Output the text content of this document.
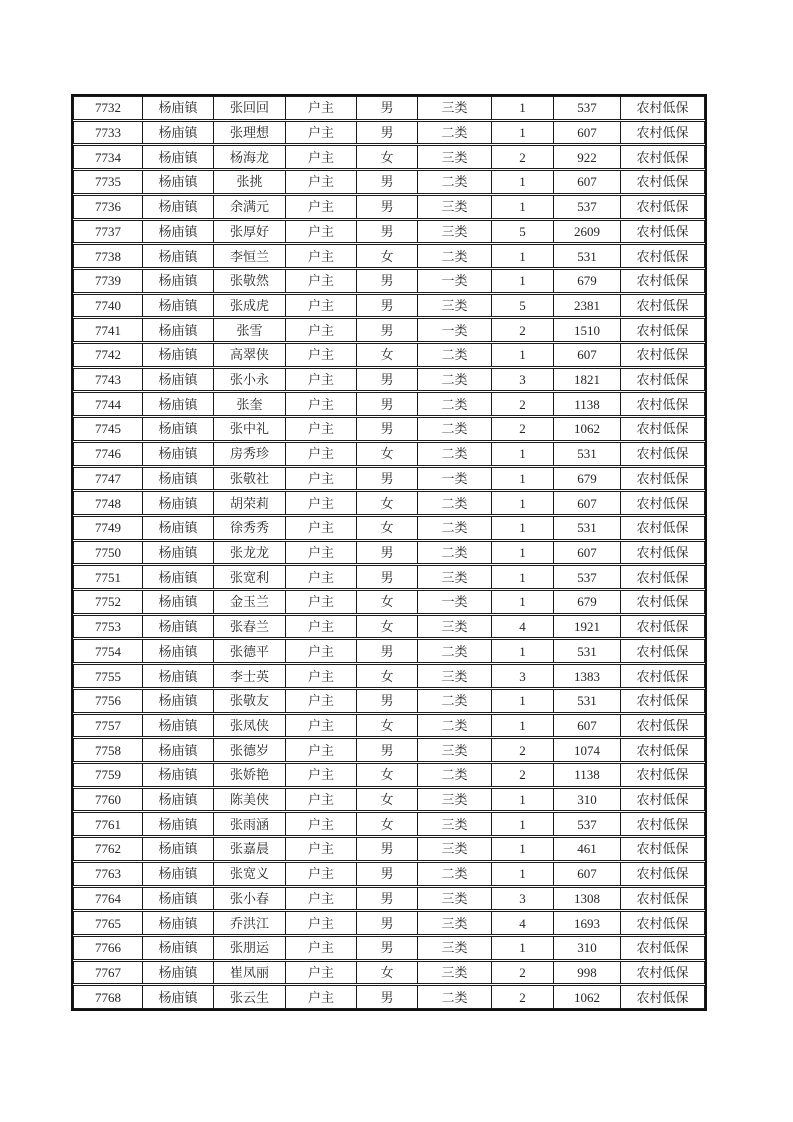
7732	杨庙镇	张回回	户主	男	三类	1	537	农村低保
7733	杨庙镇	张理想	户主	男	二类	1	607	农村低保
7734	杨庙镇	杨海龙	户主	女	三类	2	922	农村低保
7735	杨庙镇	张挑	户主	男	二类	1	607	农村低保
7736	杨庙镇	余满元	户主	男	三类	1	537	农村低保
7737	杨庙镇	张厚好	户主	男	三类	5	2609	农村低保
7738	杨庙镇	李恒兰	户主	女	二类	1	531	农村低保
7739	杨庙镇	张敬然	户主	男	一类	1	679	农村低保
7740	杨庙镇	张成虎	户主	男	三类	5	2381	农村低保
7741	杨庙镇	张雪	户主	男	一类	2	1510	农村低保
7742	杨庙镇	高翠侠	户主	女	二类	1	607	农村低保
7743	杨庙镇	张小永	户主	男	二类	3	1821	农村低保
7744	杨庙镇	张奎	户主	男	二类	2	1138	农村低保
7745	杨庙镇	张中礼	户主	男	二类	2	1062	农村低保
7746	杨庙镇	房秀珍	户主	女	二类	1	531	农村低保
7747	杨庙镇	张敬社	户主	男	一类	1	679	农村低保
7748	杨庙镇	胡荣莉	户主	女	二类	1	607	农村低保
7749	杨庙镇	徐秀秀	户主	女	二类	1	531	农村低保
7750	杨庙镇	张龙龙	户主	男	二类	1	607	农村低保
7751	杨庙镇	张宽利	户主	男	三类	1	537	农村低保
7752	杨庙镇	金玉兰	户主	女	一类	1	679	农村低保
7753	杨庙镇	张春兰	户主	女	三类	4	1921	农村低保
7754	杨庙镇	张德平	户主	男	二类	1	531	农村低保
7755	杨庙镇	李士英	户主	女	三类	3	1383	农村低保
7756	杨庙镇	张敬友	户主	男	二类	1	531	农村低保
7757	杨庙镇	张凤侠	户主	女	二类	1	607	农村低保
7758	杨庙镇	张德岁	户主	男	三类	2	1074	农村低保
7759	杨庙镇	张娇艳	户主	女	二类	2	1138	农村低保
7760	杨庙镇	陈美侠	户主	女	三类	1	310	农村低保
7761	杨庙镇	张雨涵	户主	女	三类	1	537	农村低保
7762	杨庙镇	张嘉晨	户主	男	三类	1	461	农村低保
7763	杨庙镇	张宽义	户主	男	二类	1	607	农村低保
7764	杨庙镇	张小春	户主	男	三类	3	1308	农村低保
7765	杨庙镇	乔洪江	户主	男	三类	4	1693	农村低保
7766	杨庙镇	张朋运	户主	男	三类	1	310	农村低保
7767	杨庙镇	崔凤丽	户主	女	三类	2	998	农村低保
7768	杨庙镇	张云生	户主	男	二类	2	1062	农村低保
